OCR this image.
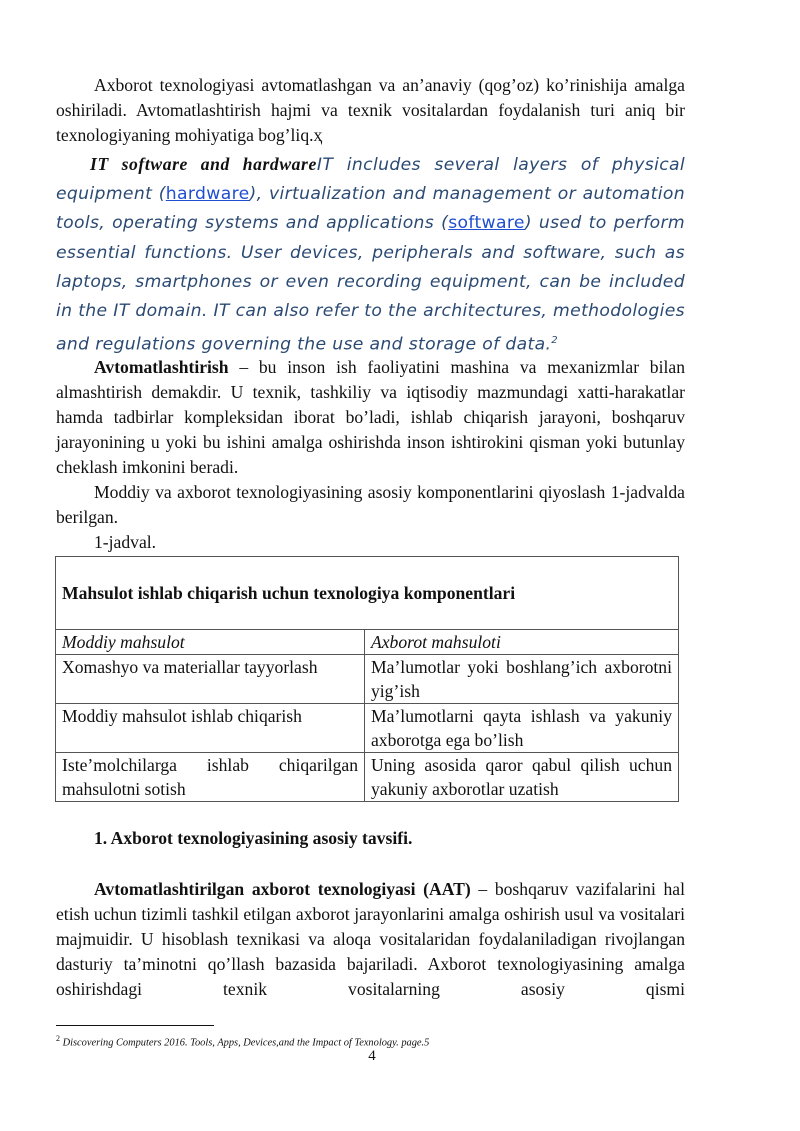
Axborot texnologiyasi avtomatlashgan va an’anaviy (qog’oz) ko’rinishija amalga oshiriladi. Avtomatlashtirish hajmi va texnik vositalardan foydalanish turi aniq bir texnologiyaning mohiyatiga bog’liq.ҳ
IT software and hardwareIT includes several layers of physical equipment (hardware), virtualization and management or automation tools, operating systems and applications (software) used to perform essential functions. User devices, peripherals and software, such as laptops, smartphones or even recording equipment, can be included in the IT domain. IT can also refer to the architectures, methodologies and regulations governing the use and storage of data.$^2$
Avtomatlashtirish – bu inson ish faoliyatini mashina va mexanizmlar bilan almashtirish demakdir. U texnik, tashkiliy va iqtisodiy mazmundagi xatti-harakatlar hamda tadbirlar kompleksidan iborat bo’ladi, ishlab chiqarish jarayoni, boshqaruv jarayonining u yoki bu ishini amalga oshirishda inson ishtirokini qisman yoki butunlay cheklash imkonini beradi.
Moddiy va axborot texnologiyasining asosiy komponentlarini qiyoslash 1-jadvalda berilgan.
1-jadval.
Mahsulot ishlab chiqarish uchun texnologiya komponentlari	
Moddiy mahsulot	Axborot mahsuloti
Xomashyo va materiallar tayyorlash	Ma’lumotlar yoki boshlang’ich axborotni yig’ish
Moddiy mahsulot ishlab chiqarish	Ma’lumotlarni qayta ishlash va yakuniy axborotga ega bo’lish
Iste’molchilarga ishlab chiqarilgan mahsulotni sotish	Uning asosida qaror qabul qilish uchun yakuniy axborotlar uzatish
1. Axborot texnologiyasining asosiy tavsifi.
Avtomatlashtirilgan axborot texnologiyasi (AAT) – boshqaruv vazifalarini hal etish uchun tizimli tashkil etilgan axborot jarayonlarini amalga oshirish usul va vositalari majmuidir. U hisoblash texnikasi va aloqa vositalaridan foydalaniladigan rivojlangan dasturiy ta’minotni qo’llash bazasida bajariladi. Axborot texnologiyasining amalga oshirishdagi texnik vositalarning asosiy qismi
$^2$ Discovering Computers 2016. Tools, Apps, Devices,and the Impact of Texnology. page.5
4
